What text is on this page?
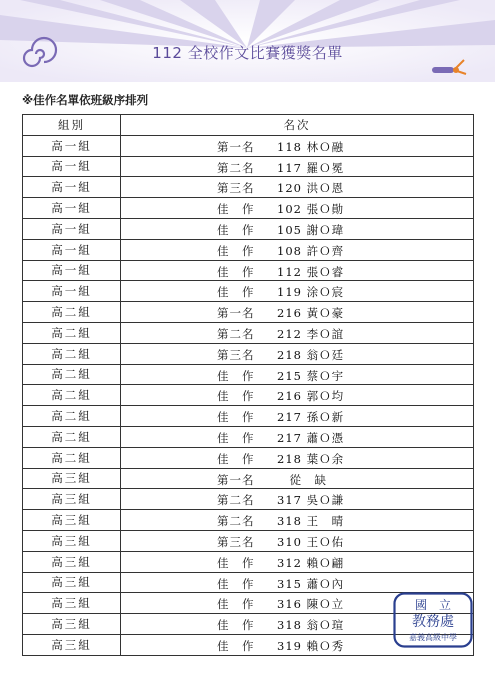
112 全校作文比賽獲獎名單
※佳作名單依班級序排列
組別	名次
高一組	第一名 118 林Ｏ融

高一組	第二名 117 羅Ｏ冕

高一組	第三名 120 洪Ｏ恩

高一組	佳　作 102 張Ｏ勛

高一組	佳　作 105 謝Ｏ瑋

高一組	佳　作 108 許Ｏ齊

高一組	佳　作 112 張Ｏ睿

高一組	佳　作 119 涂Ｏ宸

高二組	第一名 216 黃Ｏ豪

高二組	第二名 212 李Ｏ誼

高二組	第三名 218 翁Ｏ廷

高二組	佳　作 215 蔡Ｏ宇

高二組	佳　作 216 郭Ｏ均

高二組	佳　作 217 孫Ｏ新

高二組	佳　作 217 蕭Ｏ憑

高二組	佳　作 218 葉Ｏ余

高三組	第一名 　從　缺

高三組	第二名 317 吳Ｏ謙

高三組	第二名 318 王　晴

高三組	第三名 310 王Ｏ佑

高三組	佳　作 312 賴Ｏ翩

高三組	佳　作 315 蕭Ｏ內

高三組	佳　作 316 陳Ｏ立

高三組	佳　作 318 翁Ｏ瑄

高三組	佳　作 319 賴Ｏ秀
國　立
教務處
嘉義高級中學
